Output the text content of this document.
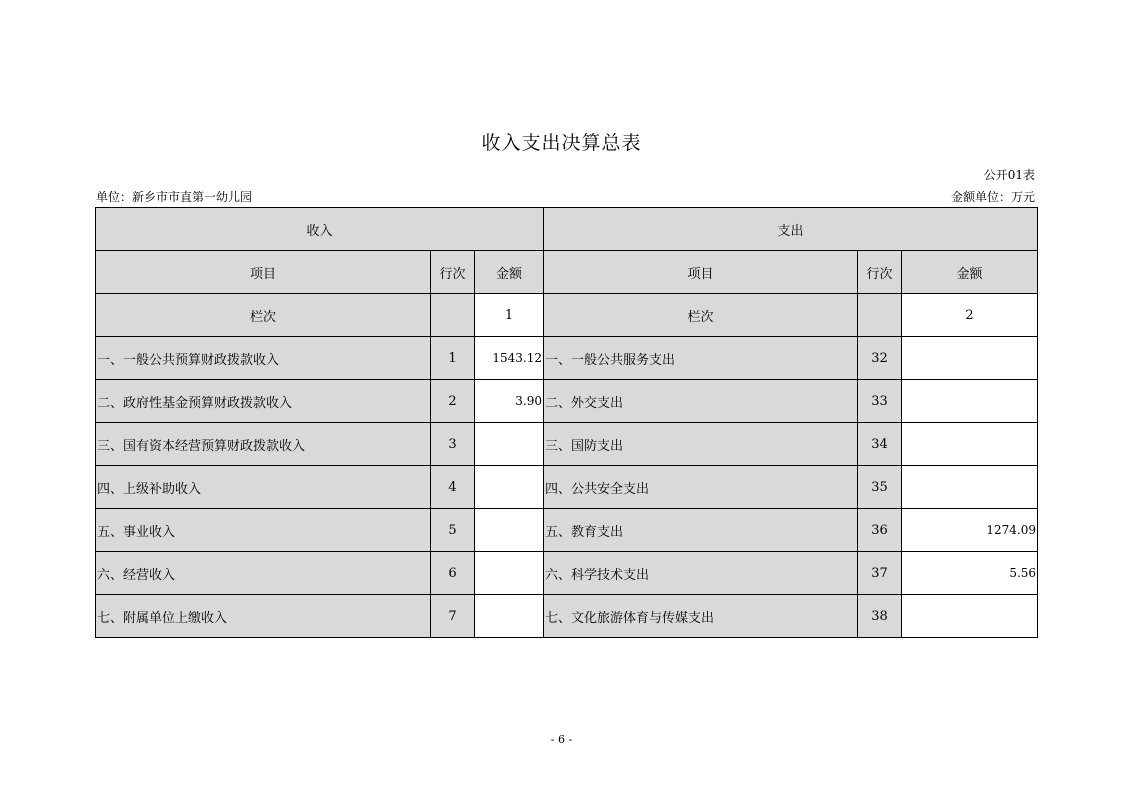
收入支出决算总表
公开01表
单位：新乡市市直第一幼儿园	金额单位：万元
收入			支出		
项目	行次	金额	项目	行次	金额
栏次		1	栏次		2
一、一般公共预算财政拨款收入	1	1543.12	一、一般公共服务支出	32	
二、政府性基金预算财政拨款收入	2	3.90	二、外交支出	33	
三、国有资本经营预算财政拨款收入	3		三、国防支出	34	
四、上级补助收入	4		四、公共安全支出	35	
五、事业收入	5		五、教育支出	36	1274.09
六、经营收入	6		六、科学技术支出	37	5.56
七、附属单位上缴收入	7		七、文化旅游体育与传媒支出	38	
- 6 -
